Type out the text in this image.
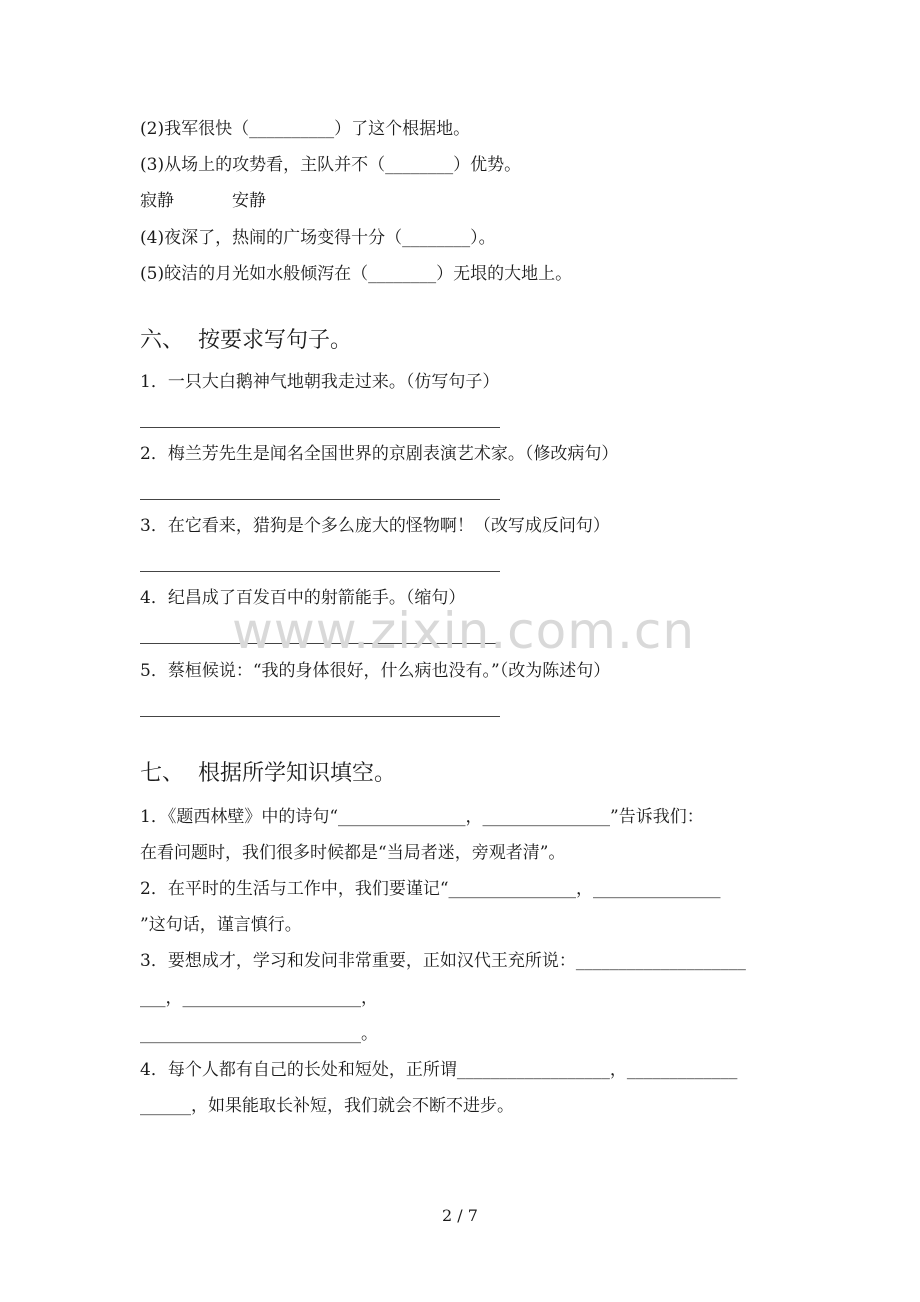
(2)我军很快（__________）了这个根据地。
(3)从场上的攻势看，主队并不（________）优势。
寂静	安静
(4)夜深了，热闹的广场变得十分（________）。
(5)皎洁的月光如水般倾泻在（________）无垠的大地上。
六、  按要求写句子。
1．一只大白鹅神气地朝我走过来。（仿写句子）
2．梅兰芳先生是闻名全国世界的京剧表演艺术家。（修改病句）
3．在它看来，猎狗是个多么庞大的怪物啊！（改写成反问句）
4．纪昌成了百发百中的射箭能手。（缩句）
5．蔡桓候说：“我的身体很好，什么病也没有。”（改为陈述句）
七、  根据所学知识填空。
1．《题西林壁》中的诗句“_______________，_______________”告诉我们：
在看问题时，我们很多时候都是“当局者迷，旁观者清”。
2．在平时的生活与工作中，我们要谨记“_______________，_______________
”这句话，谨言慎行。
3．要想成才，学习和发问非常重要，正如汉代王充所说：____________________
___，_____________________，
__________________________。
4．每个人都有自己的长处和短处，正所谓__________________，_____________
______，如果能取长补短，我们就会不断不进步。
www.zixin.com.cn
2 / 7
